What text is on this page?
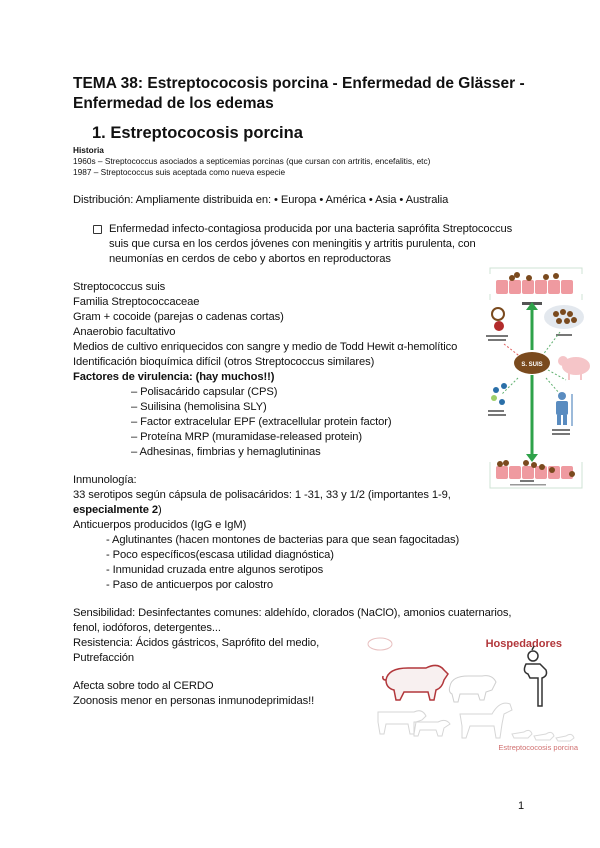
TEMA 38: Estreptococosis porcina - Enfermedad de Glässer -
Enfermedad de los edemas
1. Estreptococosis porcina
Historia
1960s – Streptococcus asociados a septicemias porcinas (que cursan con artritis, encefalitis, etc)
1987 – Streptococcus suis aceptada como nueva especie
Distribución: Ampliamente distribuida en: • Europa • América • Asia • Australia
Enfermedad infecto-contagiosa producida por una bacteria saprófita Streptococcus
suis que cursa en los cerdos jóvenes con meningitis y artritis purulenta, con
neumonías en cerdos de cebo y abortos en reproductoras
Streptococcus suis
Familia Streptococcaceae
Gram + cocoide (parejas o cadenas cortas)
Anaerobio facultativo
Medios de cultivo enriquecidos con sangre y medio de Todd Hewit α-hemolítico
Identificación bioquímica difícil (otros Streptococcus similares)
Factores de virulencia: (hay muchos!!)
– Polisacárido capsular (CPS)
– Suilisina (hemolisina SLY)
– Factor extracelular EPF (extracellular protein factor)
– Proteína MRP (muramidase-released protein)
– Adhesinas, fimbrias y hemaglutininas
Inmunología:
33 serotipos según cápsula de polisacáridos: 1 -31, 33 y 1/2 (importantes 1-9,
especialmente 2)
Anticuerpos producidos (IgG e IgM)
- Aglutinantes (hacen montones de bacterias para que sean fagocitadas)
- Poco específicos(escasa utilidad diagnóstica)
- Inmunidad cruzada entre algunos serotipos
- Paso de anticuerpos por calostro
Sensibilidad: Desinfectantes comunes: aldehído, clorados (NaClO), amonios cuaternarios,
fenol, iodóforos, detergentes...
Resistencia: Ácidos gástricos, Saprófito del medio,
Putrefacción
Afecta sobre todo al CERDO
Zoonosis menor en personas inmunodeprimidas!!
S. SUIS
Hospedadores
Estreptococosis porcina
1
